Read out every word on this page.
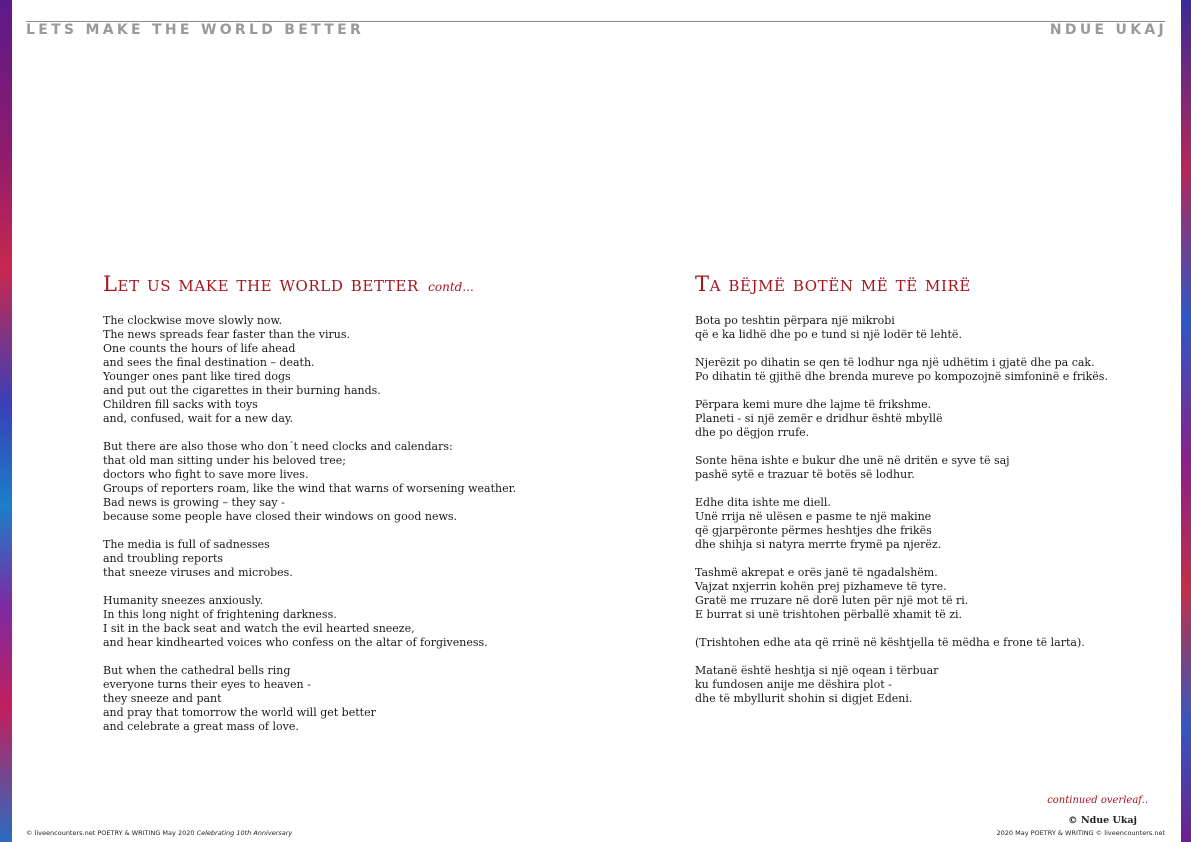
LETS MAKE THE WORLD BETTER	NDUE UKAJ
Let us make the world better contd...
The clockwise move slowly now.
The news spreads fear faster than the virus.
One counts the hours of life ahead
and sees the final destination – death.
Younger ones pant like tired dogs
and put out the cigarettes in their burning hands.
Children fill sacks with toys
and, confused, wait for a new day.
But there are also those who don´t need clocks and calendars:
that old man sitting under his beloved tree;
doctors who fight to save more lives.
Groups of reporters roam, like the wind that warns of worsening weather.
Bad news is growing – they say -
because some people have closed their windows on good news.
The media is full of sadnesses
and troubling reports
that sneeze viruses and microbes.
Humanity sneezes anxiously.
In this long night of frightening darkness.
I sit in the back seat and watch the evil hearted sneeze,
and hear kindhearted voices who confess on the altar of forgiveness.
But when the cathedral bells ring
everyone turns their eyes to heaven -
they sneeze and pant
and pray that tomorrow the world will get better
and celebrate a great mass of love.
Ta bëjmë botën më të mirë
Bota po teshtin përpara një mikrobi
që e ka lidhë dhe po e tund si një lodër të lehtë.
Njerëzit po dihatin se qen të lodhur nga një udhëtim i gjatë dhe pa cak.
Po dihatin të gjithë dhe brenda mureve po kompozojnë simfoninë e frikës.
Përpara kemi mure dhe lajme të frikshme.
Planeti - si një zemër e dridhur është mbyllë
dhe po dëgjon rrufe.
Sonte hëna ishte e bukur dhe unë në dritën e syve të saj
pashë sytë e trazuar të botës së lodhur.
Edhe dita ishte me diell.
Unë rrija në ulësen e pasme te një makine
që gjarpëronte përmes heshtjes dhe frikës
dhe shihja si natyra merrte frymë pa njerëz.
Tashmë akrepat e orës janë të ngadalshëm.
Vajzat nxjerrin kohën prej pizhameve të tyre.
Gratë me rruzare në dorë luten për një mot të ri.
E burrat si unë trishtohen përballë xhamit të zi.
(Trishtohen edhe ata që rrinë në kështjella të mëdha e frone të larta).
Matanë është heshtja si një oqean i tërbuar
ku fundosen anije me dëshira plot -
dhe të mbyllurit shohin si digjet Edeni.
continued overleaf..
© Ndue Ukaj
© liveencounters.net POETRY & WRITING May 2020 Celebrating 10th Anniversary	2020 May POETRY & WRITING © liveencounters.net
